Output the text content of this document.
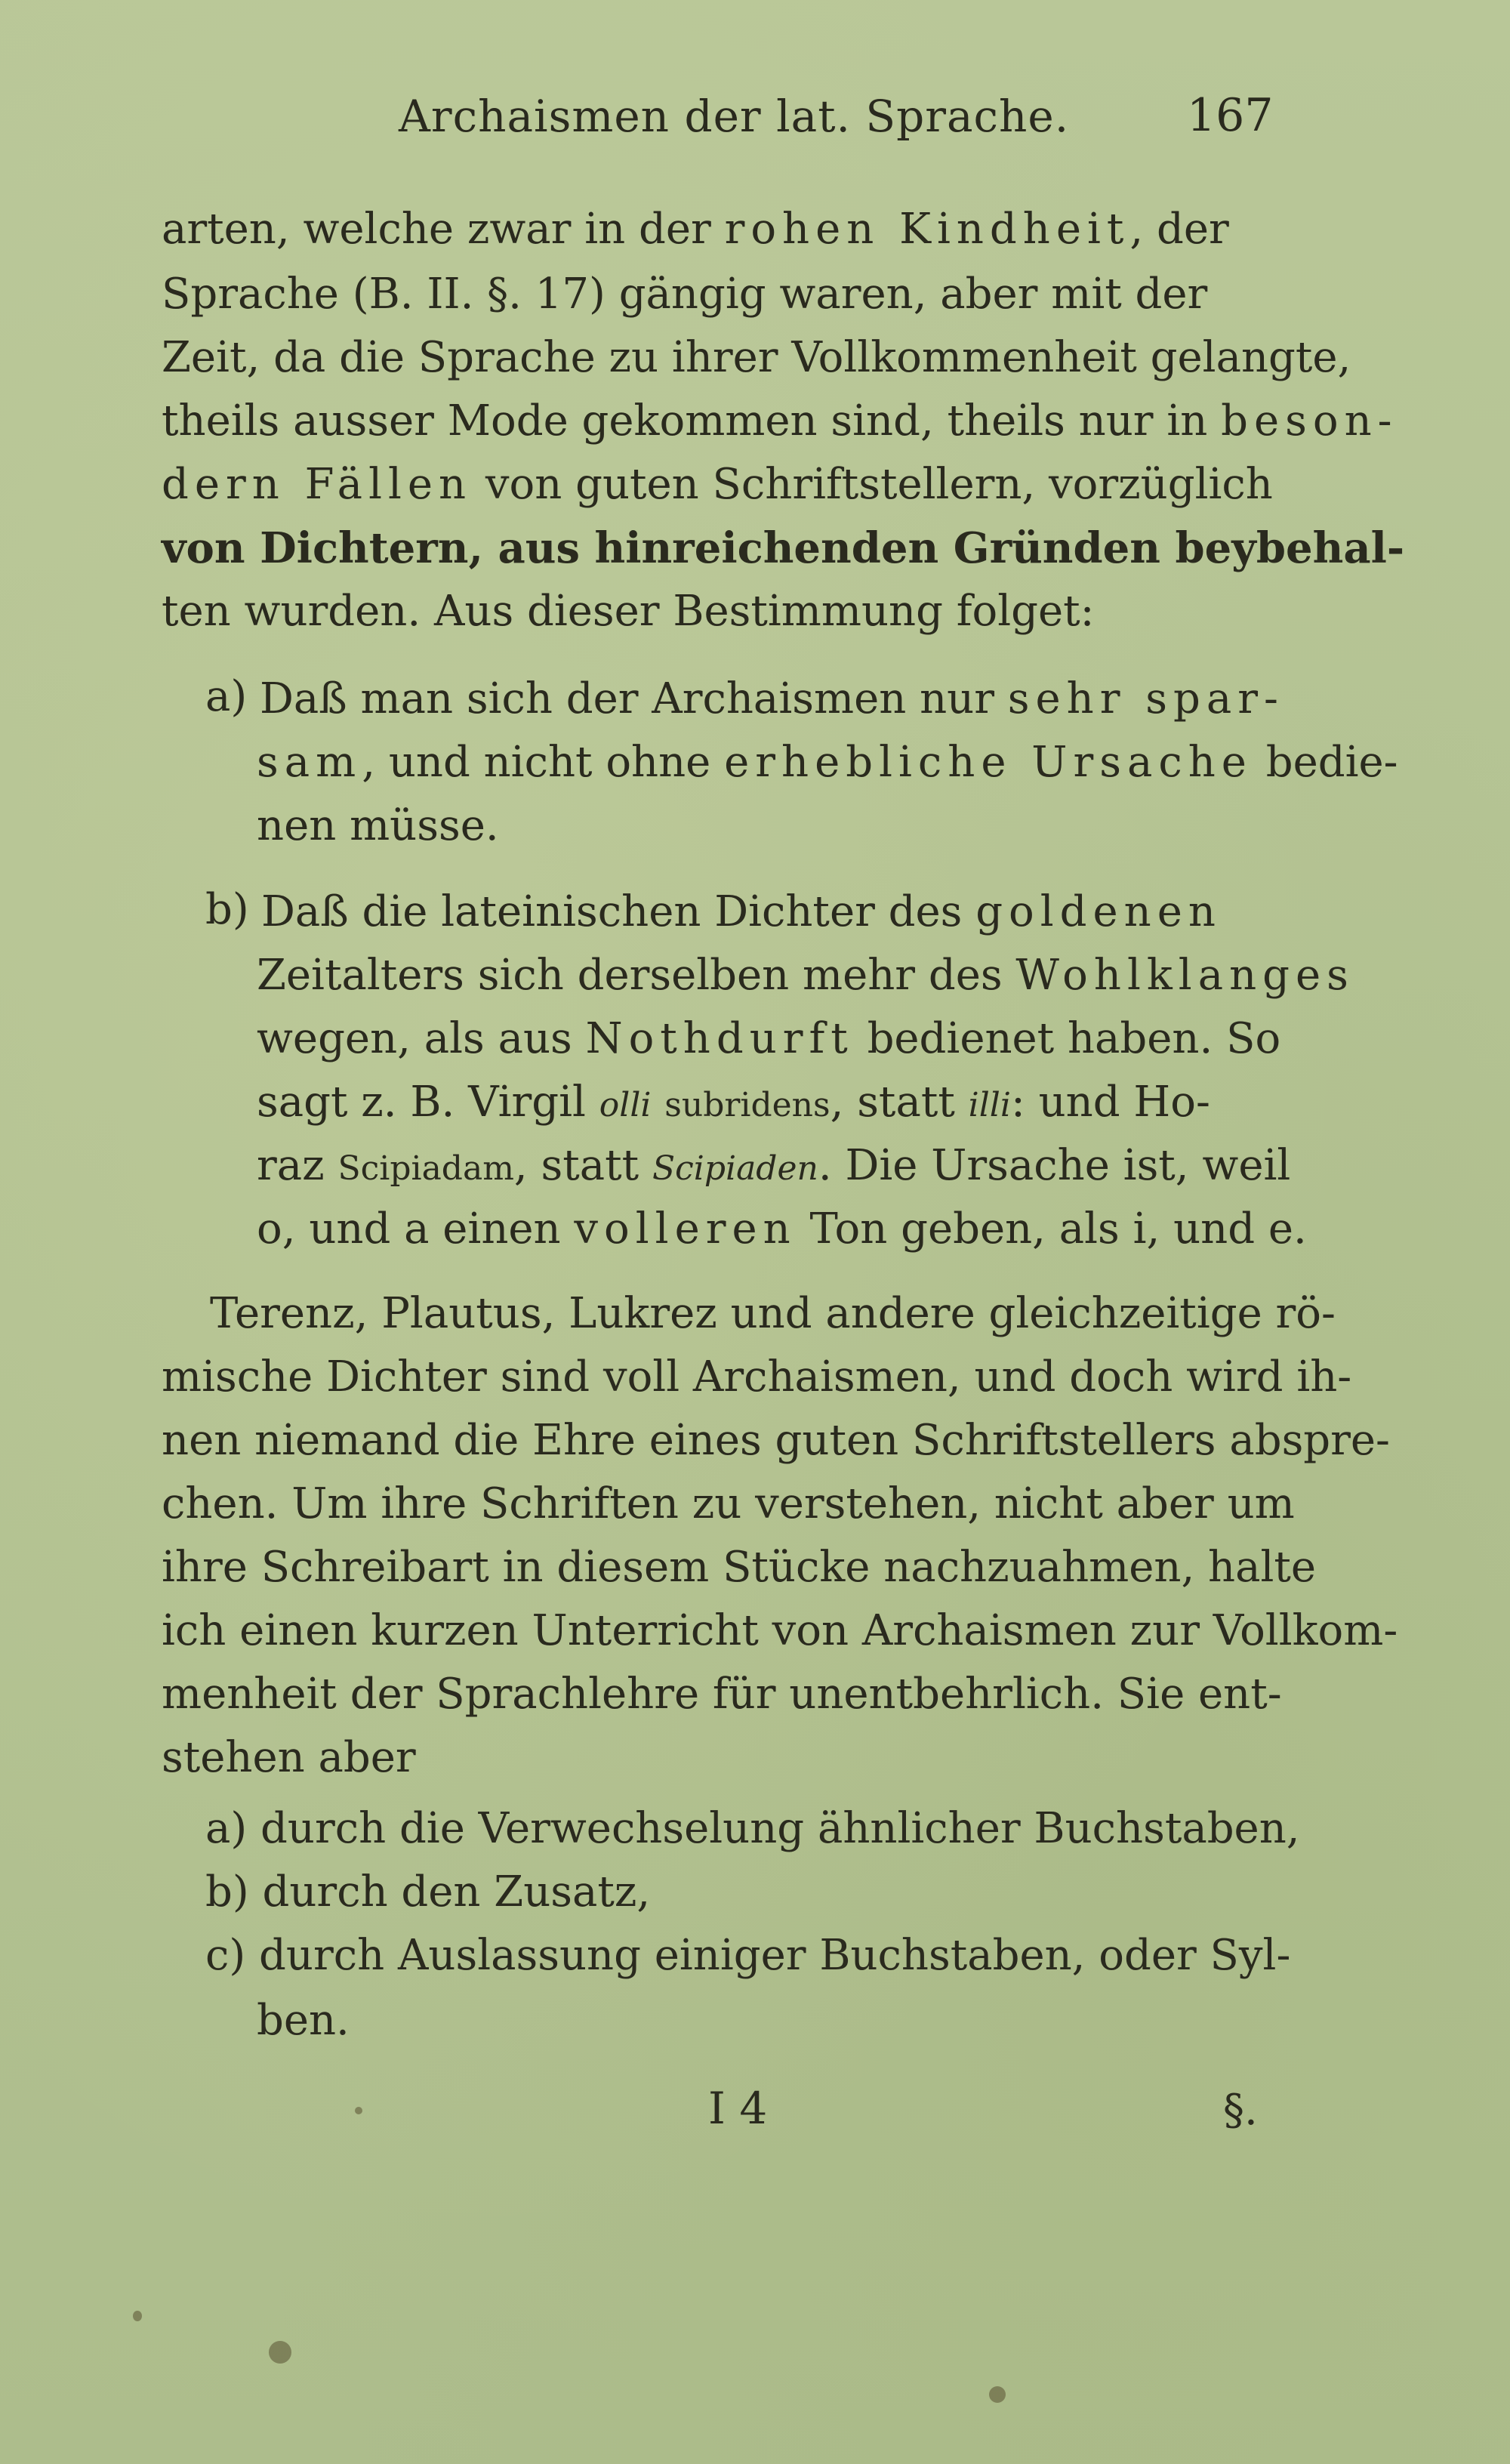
Archaismen der lat. Sprache.	167
arten, welche zwar in der rohen Kindheit, der
Sprache (B. II. §. 17) gängig waren, aber mit der
Zeit, da die Sprache zu ihrer Vollkommenheit gelangte,
theils ausser Mode gekommen sind, theils nur in beson-
dern Fällen von guten Schriftstellern, vorzüglich
von Dichtern, aus hinreichenden Gründen beybehal-
ten wurden. Aus dieser Bestimmung folget:
a) Daß man sich der Archaismen nur sehr spar-
sam, und nicht ohne erhebliche Ursache bedie-
nen müsse.
b) Daß die lateinischen Dichter des goldenen
Zeitalters sich derselben mehr des Wohlklanges
wegen, als aus Nothdurft bedienet haben. So
sagt z. B. Virgil olli subridens, statt illi: und Ho-
raz Scipiadam, statt Scipiaden. Die Ursache ist, weil
o, und a einen volleren Ton geben, als i, und e.
Terenz, Plautus, Lukrez und andere gleichzeitige rö-
mische Dichter sind voll Archaismen, und doch wird ih-
nen niemand die Ehre eines guten Schriftstellers abspre-
chen. Um ihre Schriften zu verstehen, nicht aber um
ihre Schreibart in diesem Stücke nachzuahmen, halte
ich einen kurzen Unterricht von Archaismen zur Vollkom-
menheit der Sprachlehre für unentbehrlich. Sie ent-
stehen aber
a) durch die Verwechselung ähnlicher Buchstaben,
b) durch den Zusatz,
c) durch Auslassung einiger Buchstaben, oder Syl-
ben.
I 4	§.
